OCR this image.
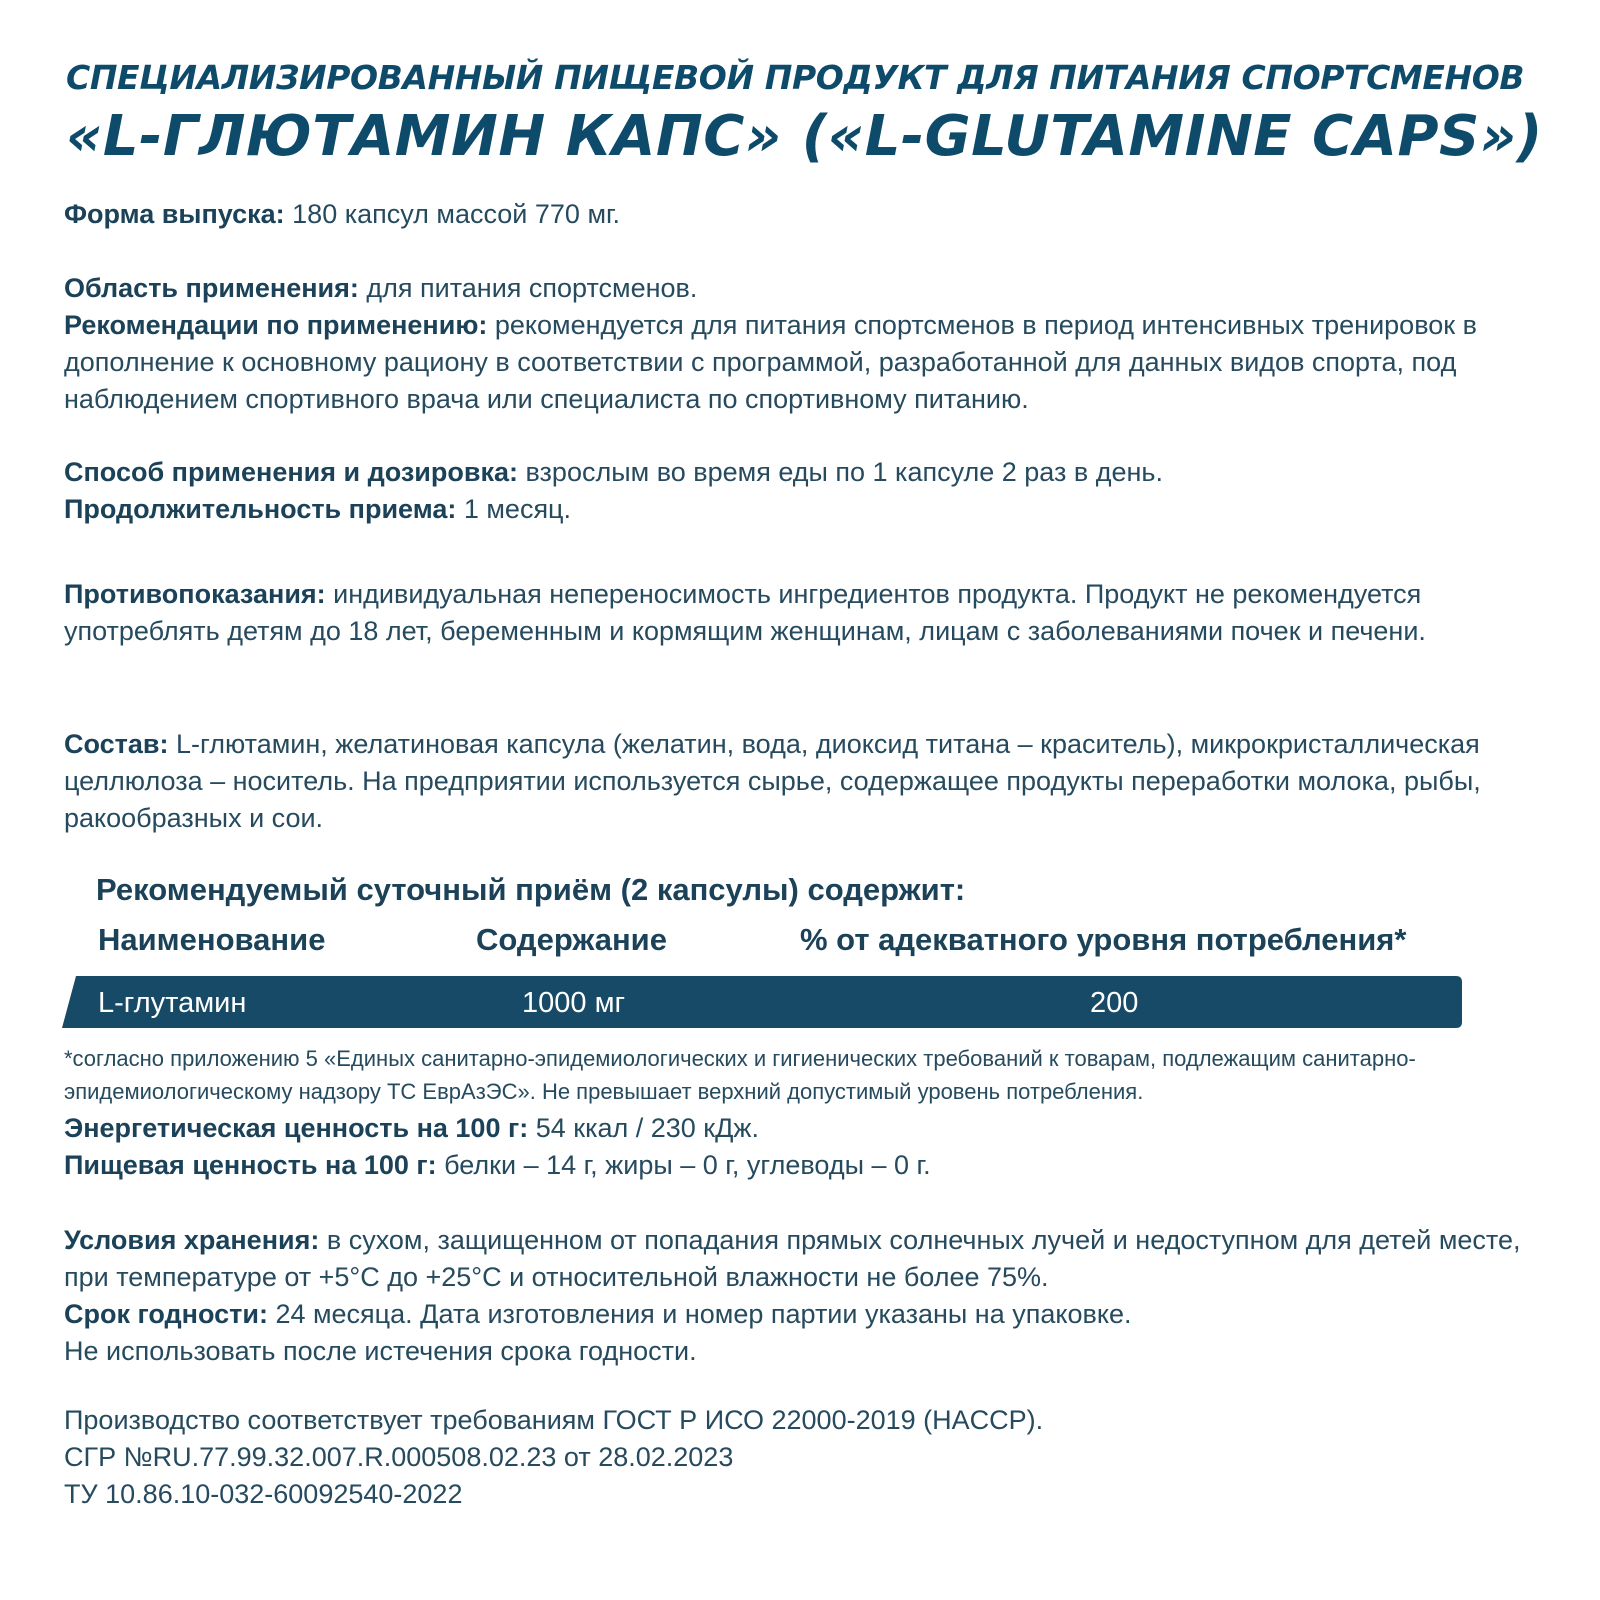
СПЕЦИАЛИЗИРОВАННЫЙ ПИЩЕВОЙ ПРОДУКТ ДЛЯ ПИТАНИЯ СПОРТСМЕНОВ
«L-ГЛЮТАМИН КАПС» («L-GLUTAMINE CAPS»)

Форма выпуска: 180 капсул массой 770 мг.

Область применения: для питания спортсменов.
Рекомендации по применению: рекомендуется для питания спортсменов в период интенсивных тренировок в дополнение к основному рациону в соответствии с программой, разработанной для данных видов спорта, под наблюдением спортивного врача или специалиста по спортивному питанию.

Способ применения и дозировка: взрослым во время еды по 1 капсуле 2 раз в день.
Продолжительность приема: 1 месяц.

Противопоказания: индивидуальная непереносимость ингредиентов продукта. Продукт не рекомендуется употреблять детям до 18 лет, беременным и кормящим женщинам, лицам с заболеваниями почек и печени.

Состав: L-глютамин, желатиновая капсула (желатин, вода, диоксид титана – краситель), микрокристаллическая целлюлоза – носитель. На предприятии используется сырье, содержащее продукты переработки молока, рыбы, ракообразных и сои.

Рекомендуемый суточный приём (2 капсулы) содержит:
Наименование	Содержание	% от адекватного уровня потребления*
L-глутамин	1000 мг	200

*согласно приложению 5 «Единых санитарно-эпидемиологических и гигиенических требований к товарам, подлежащим санитарно-эпидемиологическому надзору ТС ЕврАзЭС». Не превышает верхний допустимый уровень потребления.

Энергетическая ценность на 100 г: 54 ккал / 230 кДж.
Пищевая ценность на 100 г: белки – 14 г, жиры – 0 г, углеводы – 0 г.

Условия хранения: в сухом, защищенном от попадания прямых солнечных лучей и недоступном для детей месте, при температуре от +5°С до +25°С и относительной влажности не более 75%.
Срок годности: 24 месяца. Дата изготовления и номер партии указаны на упаковке.
Не использовать после истечения срока годности.

Производство соответствует требованиям ГОСТ Р ИСО 22000-2019 (HACCP).
СГР №RU.77.99.32.007.R.000508.02.23 от 28.02.2023
ТУ 10.86.10-032-60092540-2022
